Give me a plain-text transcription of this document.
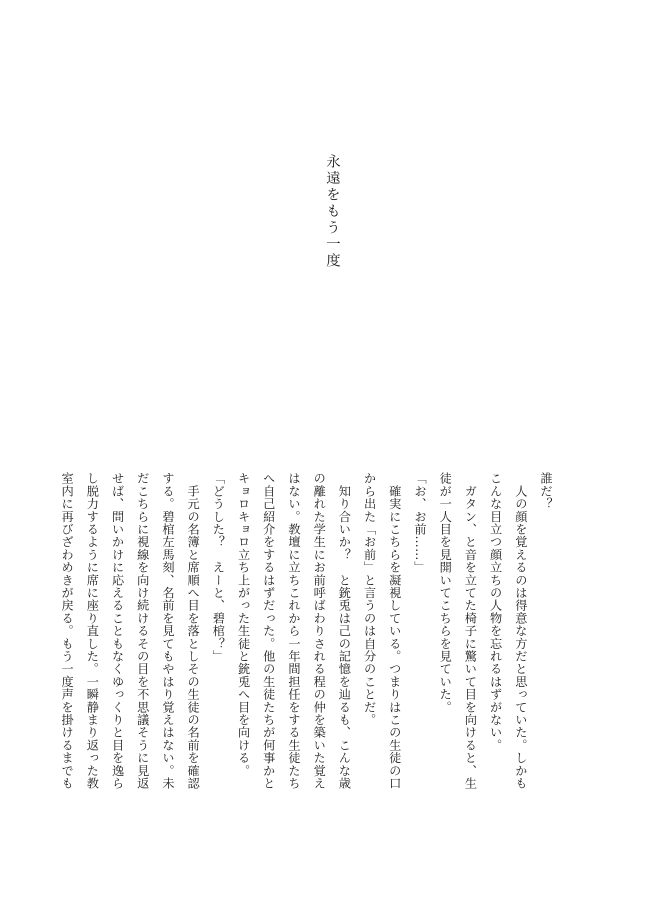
永遠をもう一度

誰だ？

　人の顔を覚えるのは得意な方だと思っていた。しかも

こんな目立つ顔立ちの人物を忘れるはずがない。

　ガタン、と音を立てた椅子に驚いて目を向けると、生

徒が一人目を見開いてこちらを見ていた。

「お、お前……」

　確実にこちらを凝視している。つまりはこの生徒の口

から出た「お前」と言うのは自分のことだ。

　知り合いか？　と銃兎は己の記憶を辿るも、こんな歳

の離れた学生にお前呼ばわりされる程の仲を築いた覚え

はない。教壇に立ちこれから一年間担任をする生徒たち

へ自己紹介をするはずだった。他の生徒たちが何事かと

キョロキョロ立ち上がった生徒と銃兎へ目を向ける。

「どうした？　えーと、碧棺？」

　手元の名簿と席順へ目を落としその生徒の名前を確認

する。碧棺左馬刻、名前を見てもやはり覚えはない。未

だこちらに視線を向け続けるその目を不思議そうに見返

せば、問いかけに応えることもなくゆっくりと目を逸ら

し脱力するように席に座り直した。一瞬静まり返った教

室内に再びざわめきが戻る。もう一度声を掛けるまでも
